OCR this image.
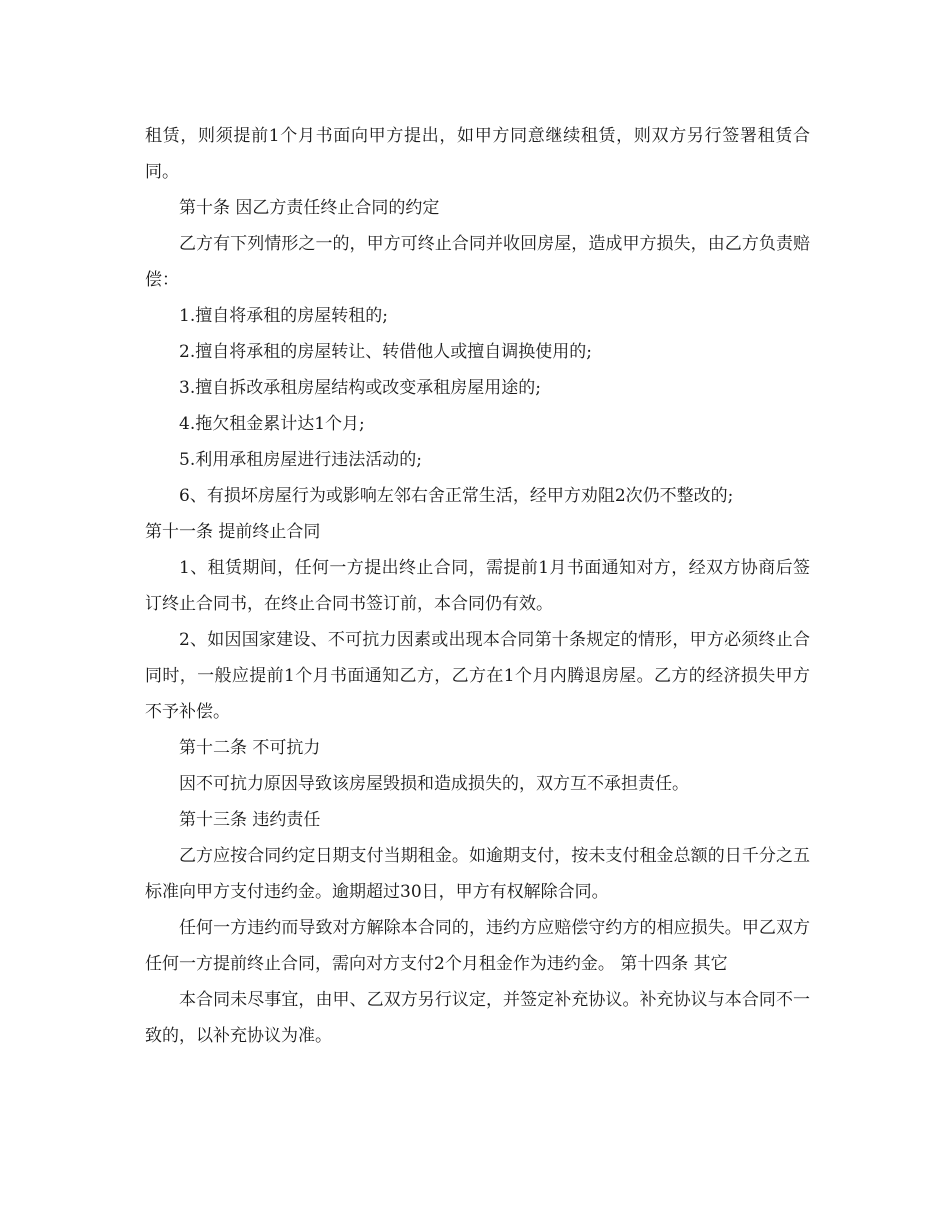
租赁，则须提前1个月书面向甲方提出，如甲方同意继续租赁，则双方另行签署租赁合同。

第十条 因乙方责任终止合同的约定

乙方有下列情形之一的，甲方可终止合同并收回房屋，造成甲方损失，由乙方负责赔偿：

1.擅自将承租的房屋转租的;

2.擅自将承租的房屋转让、转借他人或擅自调换使用的;

3.擅自拆改承租房屋结构或改变承租房屋用途的;

4.拖欠租金累计达1个月;

5.利用承租房屋进行违法活动的;

6、有损坏房屋行为或影响左邻右舍正常生活，经甲方劝阻2次仍不整改的;

第十一条 提前终止合同

1、租赁期间，任何一方提出终止合同，需提前1月书面通知对方，经双方协商后签订终止合同书，在终止合同书签订前，本合同仍有效。

2、如因国家建设、不可抗力因素或出现本合同第十条规定的情形，甲方必须终止合同时，一般应提前1个月书面通知乙方，乙方在1个月内腾退房屋。乙方的经济损失甲方不予补偿。

第十二条 不可抗力

因不可抗力原因导致该房屋毁损和造成损失的，双方互不承担责任。

第十三条 违约责任

乙方应按合同约定日期支付当期租金。如逾期支付，按未支付租金总额的日千分之五标准向甲方支付违约金。逾期超过30日，甲方有权解除合同。

任何一方违约而导致对方解除本合同的，违约方应赔偿守约方的相应损失。甲乙双方任何一方提前终止合同，需向对方支付2个月租金作为违约金。 第十四条 其它

本合同未尽事宜，由甲、乙双方另行议定，并签定补充协议。补充协议与本合同不一致的，以补充协议为准。
